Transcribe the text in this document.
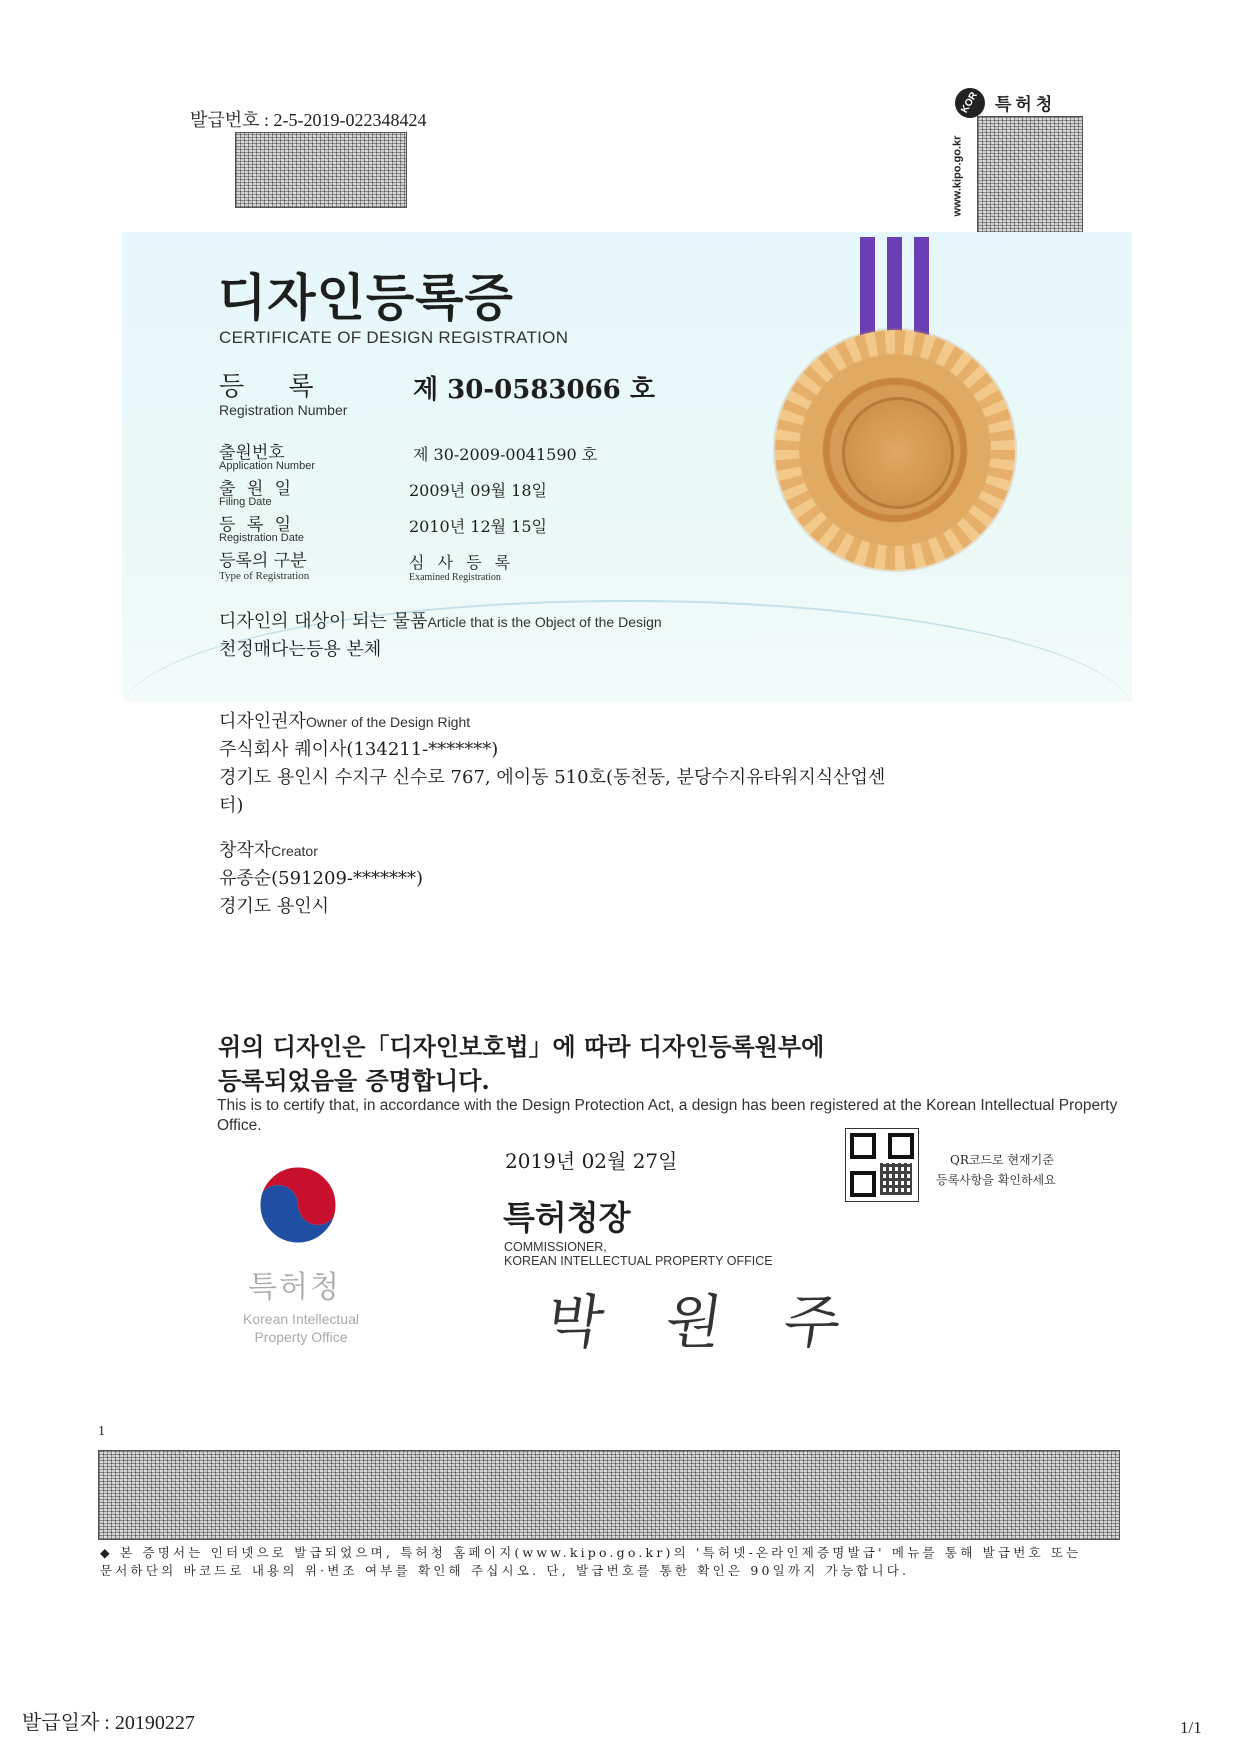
발급번호 : 2-5-2019-022348424
KOR 특허청
www.kipo.go.kr
디자인등록증
CERTIFICATE OF DESIGN REGISTRATION
등 록
Registration Number
제 30-0583066 호
출원번호
Application Number
제 30-2009-0041590 호
출 원 일
Filing Date
2009년 09월 18일
등 록 일
Registration Date
2010년 12월 15일
등록의 구분
Type of Registration
심 사 등 록
Examined Registration
디자인의 대상이 되는 물품Article that is the Object of the Design
천정매다는등용 본체
디자인권자Owner of the Design Right
주식회사 퀘이사(134211-*******)
경기도 용인시 수지구 신수로 767, 에이동 510호(동천동, 분당수지유타워지식산업센
터)
창작자Creator
유종순(591209-*******)
경기도 용인시
위의 디자인은「디자인보호법」에 따라 디자인등록원부에
등록되었음을 증명합니다.
This is to certify that, in accordance with the Design Protection Act, a design has been registered at the Korean Intellectual Property Office.
2019년 02월 27일	QR코드로 현재기준
등록사항을 확인하세요
특허청장
COMMISSIONER,
KOREAN INTELLECTUAL PROPERTY OFFICE
박 원 주
특허청
Korean Intellectual
Property Office
1
◆ 본 증명서는 인터넷으로 발급되었으며, 특허청 홈페이지(www.kipo.go.kr)의 '특허넷-온라인제증명발급' 메뉴를 통해 발급번호 또는 문서하단의 바코드로 내용의 위·변조 여부를 확인해 주십시오. 단, 발급번호를 통한 확인은 90일까지 가능합니다.
발급일자 : 20190227	1/1
